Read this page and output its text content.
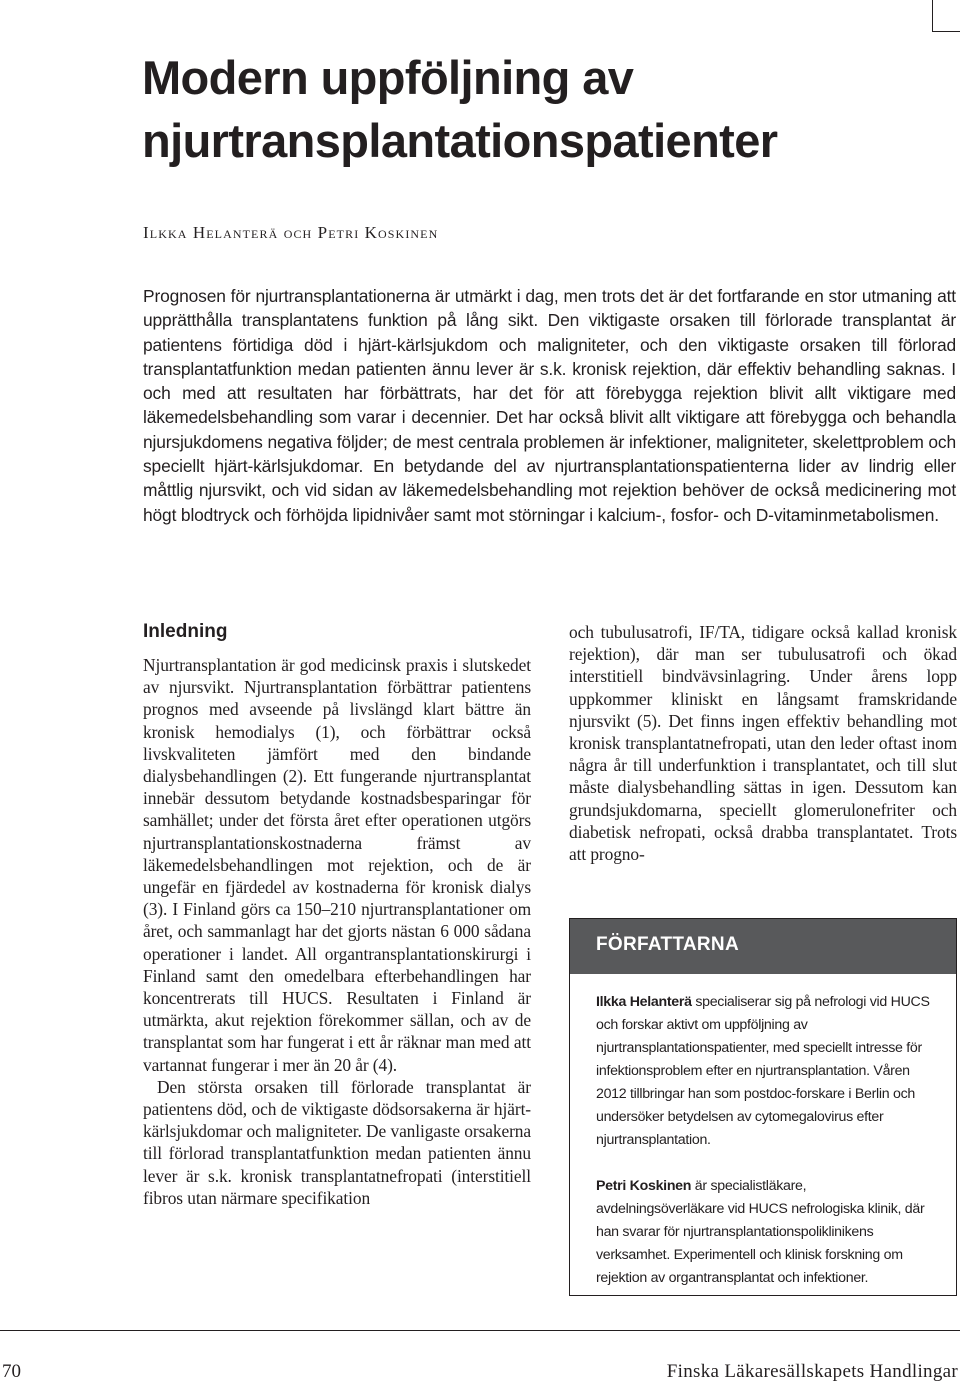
Modern uppföljning av njurtransplantationspatienter
Ilkka Helanterä och Petri Koskinen

Prognosen för njurtransplantationerna är utmärkt i dag, men trots det är det fortfarande en stor utmaning att upprätthålla transplantatens funktion på lång sikt. Den viktigaste orsaken till förlorade transplantat är patientens förtidiga död i hjärt-kärlsjukdom och maligniteter, och den viktigaste orsaken till förlorad transplantatfunktion medan patienten ännu lever är s.k. kronisk rejektion, där effektiv behandling saknas. I och med att resultaten har förbättrats, har det för att förebygga rejektion blivit allt viktigare med läkemedelsbehandling som varar i decennier. Det har också blivit allt viktigare att förebygga och behandla njursjukdomens negativa följder; de mest centrala problemen är infektioner, maligniteter, skelettproblem och speciellt hjärt-kärlsjukdomar. En betydande del av njurtransplantationspatienterna lider av lindrig eller måttlig njursvikt, och vid sidan av läkemedelsbehandling mot rejektion behöver de också medicinering mot högt blodtryck och förhöjda lipidnivåer samt mot störningar i kalcium-, fosfor- och D-vitaminmetabolismen.

Inledning

Njurtransplantation är god medicinsk praxis i slutskedet av njursvikt. Njurtransplantation förbättrar patientens prognos med avseende på livslängd klart bättre än kronisk hemodialys (1), och förbättrar också livskvaliteten jämfört med den bindande dialysbehandlingen (2). Ett fungerande njurtransplantat innebär dessutom betydande kostnadsbesparingar för samhället; under det första året efter operationen utgörs njurtransplantationskostnaderna främst av läkemedelsbehandlingen mot rejektion, och de är ungefär en fjärdedel av kostnaderna för kronisk dialys (3). I Finland görs ca 150–210 njurtransplantationer om året, och sammanlagt har det gjorts nästan 6 000 sådana operationer i landet. All organtransplantationskirurgi i Finland samt den omedelbara efterbehandlingen har koncentrerats till HUCS. Resultaten i Finland är utmärkta, akut rejektion förekommer sällan, och av de transplantat som har fungerat i ett år räknar man med att vartannat fungerar i mer än 20 år (4).

Den största orsaken till förlorade transplantat är patientens död, och de viktigaste dödsorsakerna är hjärt-kärlsjukdomar och maligniteter. De vanligaste orsakerna till förlorad transplantatfunktion medan patienten ännu lever är s.k. kronisk transplantatnefropati (interstitiell fibros utan närmare specifikation

och tubulusatrofi, IF/TA, tidigare också kallad kronisk rejektion), där man ser tubulusatrofi och ökad interstitiell bindvävsinlagring. Under årens lopp uppkommer kliniskt en långsamt framskridande njursvikt (5). Det finns ingen effektiv behandling mot kronisk transplantatnefropati, utan den leder oftast inom några år till underfunktion i transplantatet, och till slut måste dialysbehandling sättas in igen. Dessutom kan grundsjukdomarna, speciellt glomerulonefriter och diabetisk nefropati, också drabba transplantatet. Trots att progno-

FÖRFATTARNA

Ilkka Helanterä specialiserar sig på nefrologi vid HUCS och forskar aktivt om uppföljning av njurtransplantationspatienter, med speciellt intresse för infektionsproblem efter en njurtransplantation. Våren 2012 tillbringar han som postdoc-forskare i Berlin och undersöker betydelsen av cytomegalovirus efter njurtransplantation.

Petri Koskinen är specialistläkare, avdelningsöverläkare vid HUCS nefrologiska klinik, där han svarar för njurtransplantationspoliklinikens verksamhet. Experimentell och klinisk forskning om rejektion av organtransplantat och infektioner.

70	Finska Läkaresällskapets Handlingar
